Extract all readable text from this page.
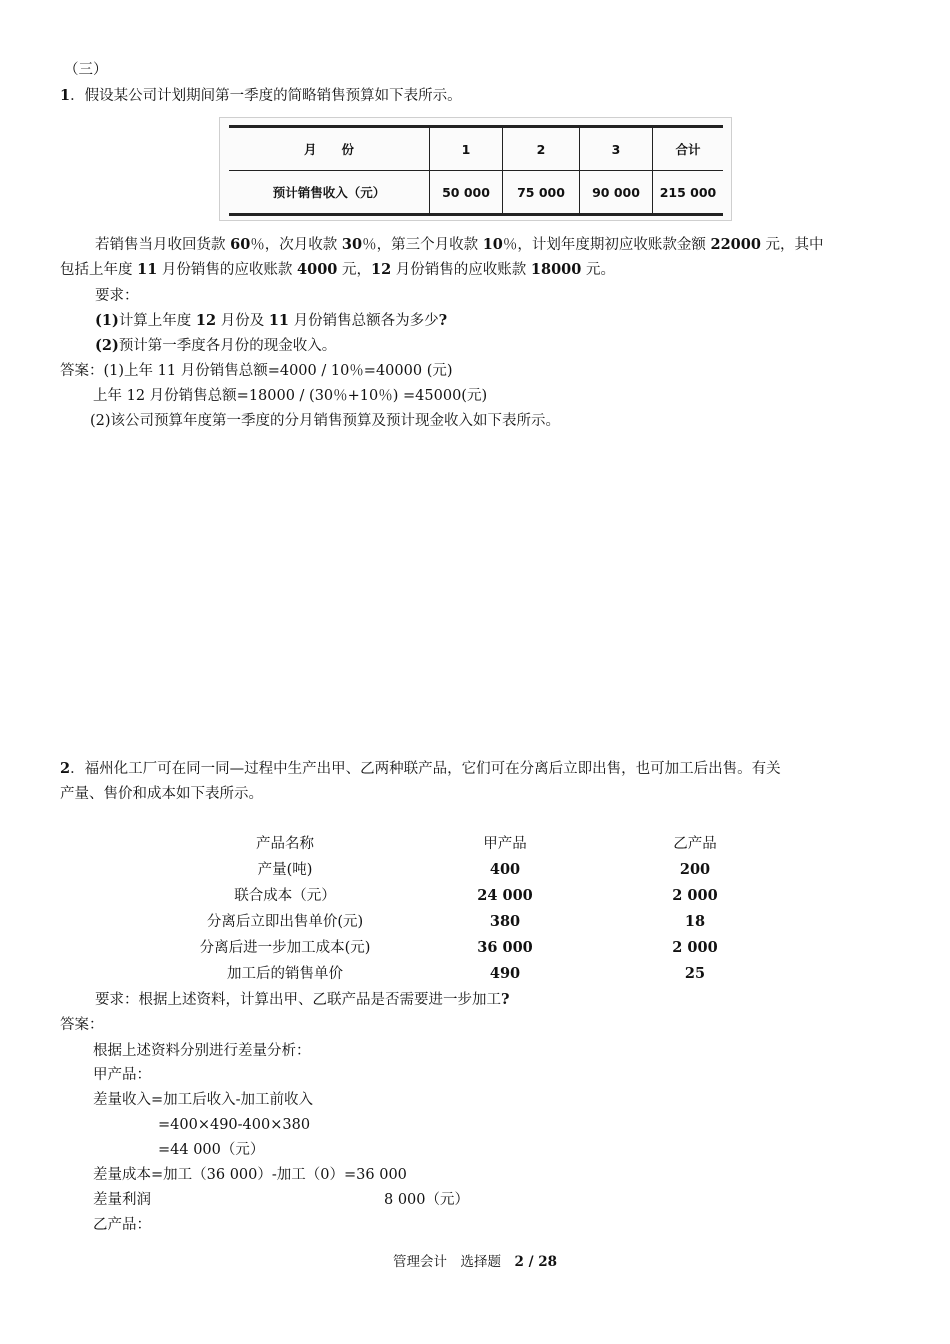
（三）
1．假设某公司计划期间第一季度的简略销售预算如下表所示。
月　　份	1	2	3	合计
预计销售收入（元）	50 000	75 000	90 000	215 000
若销售当月收回货款 60％，次月收款 30％，第三个月收款 10％，计划年度期初应收账款金额 22000 元，其中
包括上年度 11 月份销售的应收账款 4000 元，12 月份销售的应收账款 18000 元。
要求：
(1)计算上年度 12 月份及 11 月份销售总额各为多少?
(2)预计第一季度各月份的现金收入。
答案：(1)上年 11 月份销售总额=4000 / 10％=40000 (元)
上年 12 月份销售总额=18000 / (30％+10％) =45000(元)
(2)该公司预算年度第一季度的分月销售预算及预计现金收入如下表所示。
2．福州化工厂可在同一同—过程中生产出甲、乙两种联产品，它们可在分离后立即出售，也可加工后出售。有关
产量、售价和成本如下表所示。
产品名称	甲产品	乙产品
产量(吨)	400	200
联合成本（元）	24 000	2 000
分离后立即出售单价(元)	380	18
分离后进一步加工成本(元)	36 000	2 000
加工后的销售单价	490	25
要求：根据上述资料，计算出甲、乙联产品是否需要进一步加工?
答案：
根据上述资料分别进行差量分析：
甲产品：
差量收入=加工后收入-加工前收入
=400×490-400×380
=44 000（元）
差量成本=加工（36 000）-加工（0）=36 000
差量利润	8 000（元）
乙产品：
管理会计　选择题　2 / 28
